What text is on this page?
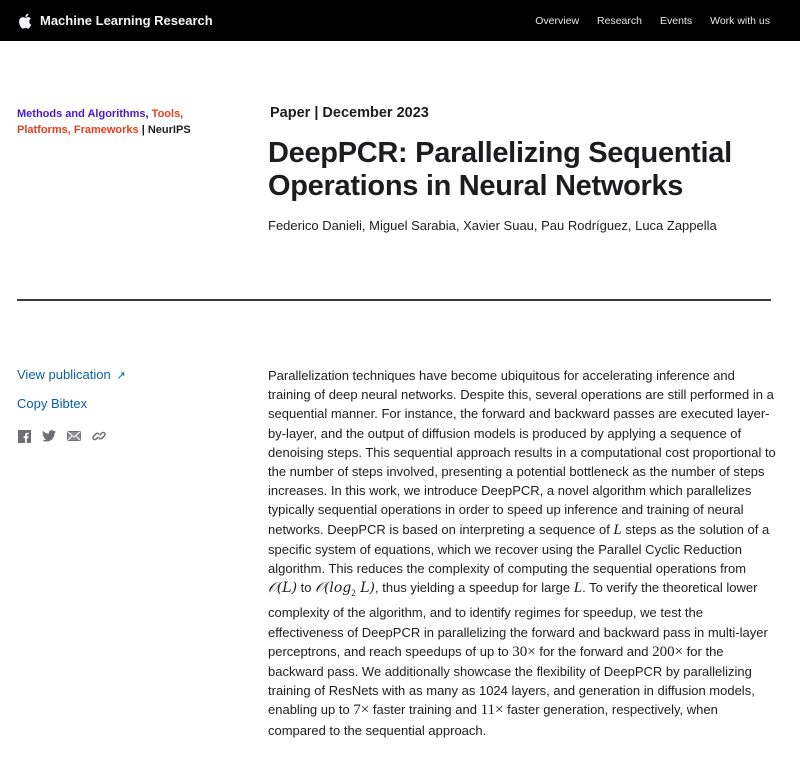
Machine Learning Research	Overview Research Events Work with us
Methods and Algorithms, Tools, Platforms, Frameworks | NeurIPS
Paper | December 2023
DeepPCR: Parallelizing Sequential Operations in Neural Networks
Federico Danieli, Miguel Sarabia, Xavier Suau, Pau Rodríguez, Luca Zappella
View publication ↗
Copy Bibtex

Parallelization techniques have become ubiquitous for accelerating inference and training of deep neural networks. Despite this, several operations are still performed in a sequential manner. For instance, the forward and backward passes are executed layer-by-layer, and the output of diffusion models is produced by applying a sequence of denoising steps. This sequential approach results in a computational cost proportional to the number of steps involved, presenting a potential bottleneck as the number of steps increases. In this work, we introduce DeepPCR, a novel algorithm which parallelizes typically sequential operations in order to speed up inference and training of neural networks. DeepPCR is based on interpreting a sequence of L steps as the solution of a specific system of equations, which we recover using the Parallel Cyclic Reduction algorithm. This reduces the complexity of computing the sequential operations from 𝒪(L) to $𝒪(\log_2$ L), thus yielding a speedup for large L. To verify the theoretical lower complexity of the algorithm, and to identify regimes for speedup, we test the effectiveness of DeepPCR in parallelizing the forward and backward pass in multi-layer perceptrons, and reach speedups of up to 30× for the forward and 200× for the backward pass. We additionally showcase the flexibility of DeepPCR by parallelizing training of ResNets with as many as 1024 layers, and generation in diffusion models, enabling up to 7× faster training and 11× faster generation, respectively, when compared to the sequential approach.
